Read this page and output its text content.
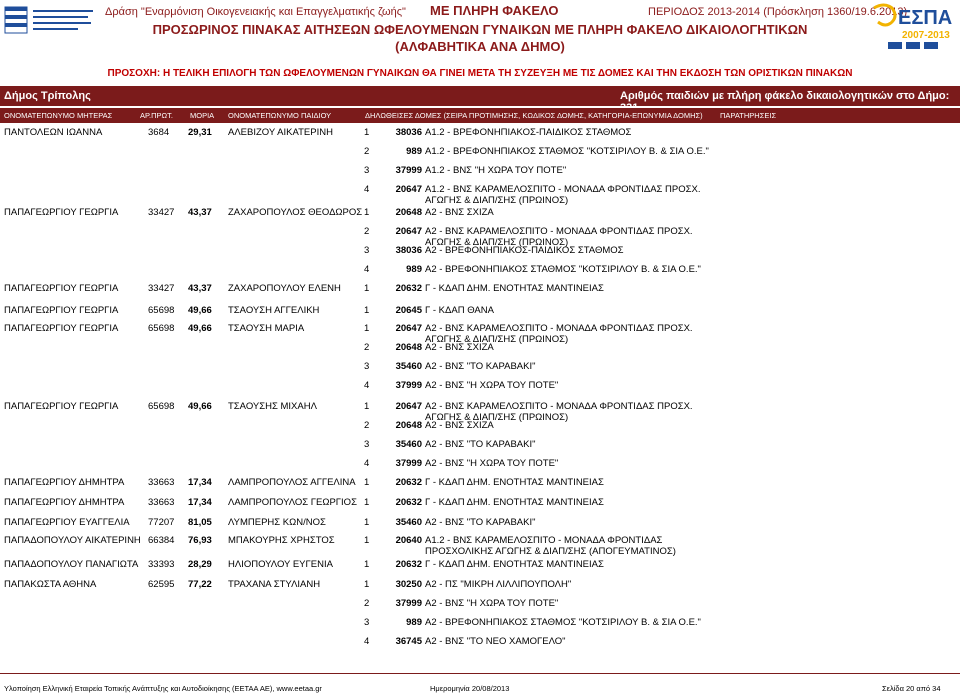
Δράση "Εναρμόνιση Οικογενειακής και Επαγγελματικής ζωής" ΜΕ ΠΛΗΡΗ ΦΑΚΕΛΟ	ΠΕΡΙΟΔΟΣ 2013-2014 (Πρόσκληση 1360/19.6.2013)
ΠΡΟΣΩΡΙΝΟΣ ΠΙΝΑΚΑΣ ΑΙΤΗΣΕΩΝ ΩΦΕΛΟΥΜΕΝΩΝ ΓΥΝΑΙΚΩΝ ΜΕ ΠΛΗΡΗ ΦΑΚΕΛΟ ΔΙΚΑΙΟΛΟΓΗΤΙΚΩΝ
(ΑΛΦΑΒΗΤΙΚΑ ΑΝΑ ΔΗΜΟ)
ΠΡΟΣΟΧΗ: Η ΤΕΛΙΚΗ ΕΠΙΛΟΓΗ ΤΩΝ ΩΦΕΛΟΥΜΕΝΩΝ ΓΥΝΑΙΚΩΝ ΘΑ ΓΙΝΕΙ ΜΕΤΑ ΤΗ ΣΥΖΕΥΞΗ ΜΕ ΤΙΣ ΔΟΜΕΣ ΚΑΙ ΤΗΝ ΕΚΔΟΣΗ ΤΩΝ ΟΡΙΣΤΙΚΩΝ ΠΙΝΑΚΩΝ
ΕΣΠΑ
2007-2013
Δήμος Τρίπολης	Αριθμός παιδιών με πλήρη φάκελο δικαιολογητικών στο Δήμο:
ΟΝΟΜΑΤΕΠΩΝΥΜΟ ΜΗΤΕΡΑΣ	ΑΡ.ΠΡΩΤ. ΜΟΡΙΑ ΟΝΟΜΑΤΕΠΩΝΥΜΟ ΠΑΙΔΙΟΥ	ΔΗΛΩΘΕΙΣΕΣ ΔΟΜΕΣ (ΣΕΙΡΑ ΠΡΟΤΙΜΗΣΗΣ, ΚΩΔΙΚΟΣ ΔΟΜΗΣ, ΚΑΤΗΓΟΡΙΑ-ΕΠΩΝΥΜΙΑ ΔΟΜΗΣ) ΠΑΡΑΤΗΡΗΣΕΙΣ
ΠΑΝΤΟΛΕΩΝ ΙΩΑΝΝΑ	3684 29,31 ΑΛΕΒΙΖΟΥ ΑΙΚΑΤΕΡΙΝΗ	1	38036 Α1.2 - ΒΡΕΦΟΝΗΠΙΑΚΟΣ-ΠΑΙΔΙΚΟΣ ΣΤΑΘΜΟΣ
2	989 Α1.2 - ΒΡΕΦΟΝΗΠΙΑΚΟΣ ΣΤΑΘΜΟΣ "ΚΟΤΣΙΡΙΛΟΥ Β. & ΣΙΑ Ο.Ε."
3	37999 Α1.2 - ΒΝΣ "Η ΧΩΡΑ ΤΟΥ ΠΟΤΕ"
4	20647 Α1.2 - ΒΝΣ ΚΑΡΑΜΕΛΟΣΠΙΤΟ - ΜΟΝΑΔΑ ΦΡΟΝΤΙΔΑΣ ΠΡΟΣΧ. ΑΓΩΓΗΣ & ΔΙΑΠ/ΣΗΣ (ΠΡΩΙΝΟΣ)
ΠΑΠΑΓΕΩΡΓΙΟΥ ΓΕΩΡΓΙΑ	33427 43,37 ΖΑΧΑΡΟΠΟΥΛΟΣ ΘΕΟΔΩΡΟΣ 1	20648 Α2 - ΒΝΣ ΣΧΙΖΑ
2	20647 Α2 - ΒΝΣ ΚΑΡΑΜΕΛΟΣΠΙΤΟ - ΜΟΝΑΔΑ ΦΡΟΝΤΙΔΑΣ ΠΡΟΣΧ. ΑΓΩΓΗΣ & ΔΙΑΠ/ΣΗΣ (ΠΡΩΙΝΟΣ)
3	38036 Α2 - ΒΡΕΦΟΝΗΠΙΑΚΟΣ-ΠΑΙΔΙΚΟΣ ΣΤΑΘΜΟΣ
4	989 Α2 - ΒΡΕΦΟΝΗΠΙΑΚΟΣ ΣΤΑΘΜΟΣ "ΚΟΤΣΙΡΙΛΟΥ Β. & ΣΙΑ Ο.Ε."
ΠΑΠΑΓΕΩΡΓΙΟΥ ΓΕΩΡΓΙΑ	33427 43,37 ΖΑΧΑΡΟΠΟΥΛΟΥ ΕΛΕΝΗ 1	20632 Γ - ΚΔΑΠ ΔΗΜ. ΕΝΟΤΗΤΑΣ ΜΑΝΤΙΝΕΙΑΣ
ΠΑΠΑΓΕΩΡΓΙΟΥ ΓΕΩΡΓΙΑ	65698 49,66 ΤΣΑΟΥΣΗ ΑΓΓΕΛΙΚΗ	1	20645 Γ - ΚΔΑΠ ΘΑΝΑ
ΠΑΠΑΓΕΩΡΓΙΟΥ ΓΕΩΡΓΙΑ	65698 49,66 ΤΣΑΟΥΣΗ ΜΑΡΙΑ	1	20647 Α2 - ΒΝΣ ΚΑΡΑΜΕΛΟΣΠΙΤΟ - ΜΟΝΑΔΑ ΦΡΟΝΤΙΔΑΣ ΠΡΟΣΧ. ΑΓΩΓΗΣ & ΔΙΑΠ/ΣΗΣ (ΠΡΩΙΝΟΣ)
2	20648 Α2 - ΒΝΣ ΣΧΙΖΑ
3	35460 Α2 - ΒΝΣ "ΤΟ ΚΑΡΑΒΑΚΙ"
4	37999 Α2 - ΒΝΣ "Η ΧΩΡΑ ΤΟΥ ΠΟΤΕ"
ΠΑΠΑΓΕΩΡΓΙΟΥ ΓΕΩΡΓΙΑ	65698 49,66 ΤΣΑΟΥΣΗΣ ΜΙΧΑΗΛ	1	20647 Α2 - ΒΝΣ ΚΑΡΑΜΕΛΟΣΠΙΤΟ - ΜΟΝΑΔΑ ΦΡΟΝΤΙΔΑΣ ΠΡΟΣΧ. ΑΓΩΓΗΣ & ΔΙΑΠ/ΣΗΣ (ΠΡΩΙΝΟΣ)
2	20648 Α2 - ΒΝΣ ΣΧΙΖΑ
3	35460 Α2 - ΒΝΣ "ΤΟ ΚΑΡΑΒΑΚΙ"
4	37999 Α2 - ΒΝΣ "Η ΧΩΡΑ ΤΟΥ ΠΟΤΕ"
ΠΑΠΑΓΕΩΡΓΙΟΥ ΔΗΜΗΤΡΑ 33663 17,34 ΛΑΜΠΡΟΠΟΥΛΟΣ ΑΓΓΕΛΙΝΑ 1	20632 Γ - ΚΔΑΠ ΔΗΜ. ΕΝΟΤΗΤΑΣ ΜΑΝΤΙΝΕΙΑΣ
ΠΑΠΑΓΕΩΡΓΙΟΥ ΔΗΜΗΤΡΑ 33663 17,34 ΛΑΜΠΡΟΠΟΥΛΟΣ ΓΕΩΡΓΙΟΣ 1	20632 Γ - ΚΔΑΠ ΔΗΜ. ΕΝΟΤΗΤΑΣ ΜΑΝΤΙΝΕΙΑΣ
ΠΑΠΑΓΕΩΡΓΙΟΥ ΕΥΑΓΓΕΛΙΑ 77207 81,05 ΛΥΜΠΕΡΗΣ ΚΩΝ/ΝΟΣ	1	35460 Α2 - ΒΝΣ "ΤΟ ΚΑΡΑΒΑΚΙ"
ΠΑΠΑΔΟΠΟΥΛΟΥ ΑΙΚΑΤΕΡΙΝΗ 66384 76,93 ΜΠΑΚΟΥΡΗΣ ΧΡΗΣΤΟΣ	1	20640 Α1.2 - ΒΝΣ ΚΑΡΑΜΕΛΟΣΠΙΤΟ - ΜΟΝΑΔΑ ΦΡΟΝΤΙΔΑΣ ΠΡΟΣΧΟΛΙΚΗΣ ΑΓΩΓΗΣ & ΔΙΑΠ/ΣΗΣ (ΑΠΟΓΕΥΜΑΤΙΝΟΣ)
ΠΑΠΑΔΟΠΟΥΛΟΥ ΠΑΝΑΓΙΩΤΑ 33393 28,29 ΗΛΙΟΠΟΥΛΟΥ ΕΥΓΕΝΙΑ	1	20632 Γ - ΚΔΑΠ ΔΗΜ. ΕΝΟΤΗΤΑΣ ΜΑΝΤΙΝΕΙΑΣ
ΠΑΠΑΚΩΣΤΑ ΑΘΗΝΑ	62595 77,22 ΤΡΑΧΑΝΑ ΣΤΥΛΙΑΝΗ	1	30250 Α2 - ΠΣ "ΜΙΚΡΗ ΛΙΛΛΙΠΟΥΠΟΛΗ"
2	37999 Α2 - ΒΝΣ "Η ΧΩΡΑ ΤΟΥ ΠΟΤΕ"
3	989 Α2 - ΒΡΕΦΟΝΗΠΙΑΚΟΣ ΣΤΑΘΜΟΣ "ΚΟΤΣΙΡΙΛΟΥ Β. & ΣΙΑ Ο.Ε."
4	36745 Α2 - ΒΝΣ "ΤΟ ΝΕΟ ΧΑΜΟΓΕΛΟ"
Υλοποίηση Ελληνική Εταιρεία Τοπικής Ανάπτυξης και Αυτοδιοίκησης (ΕΕΤΑΑ ΑΕ), www.eetaa.gr	Ημερομηνία 20/08/2013	Σελίδα 20 από 34
